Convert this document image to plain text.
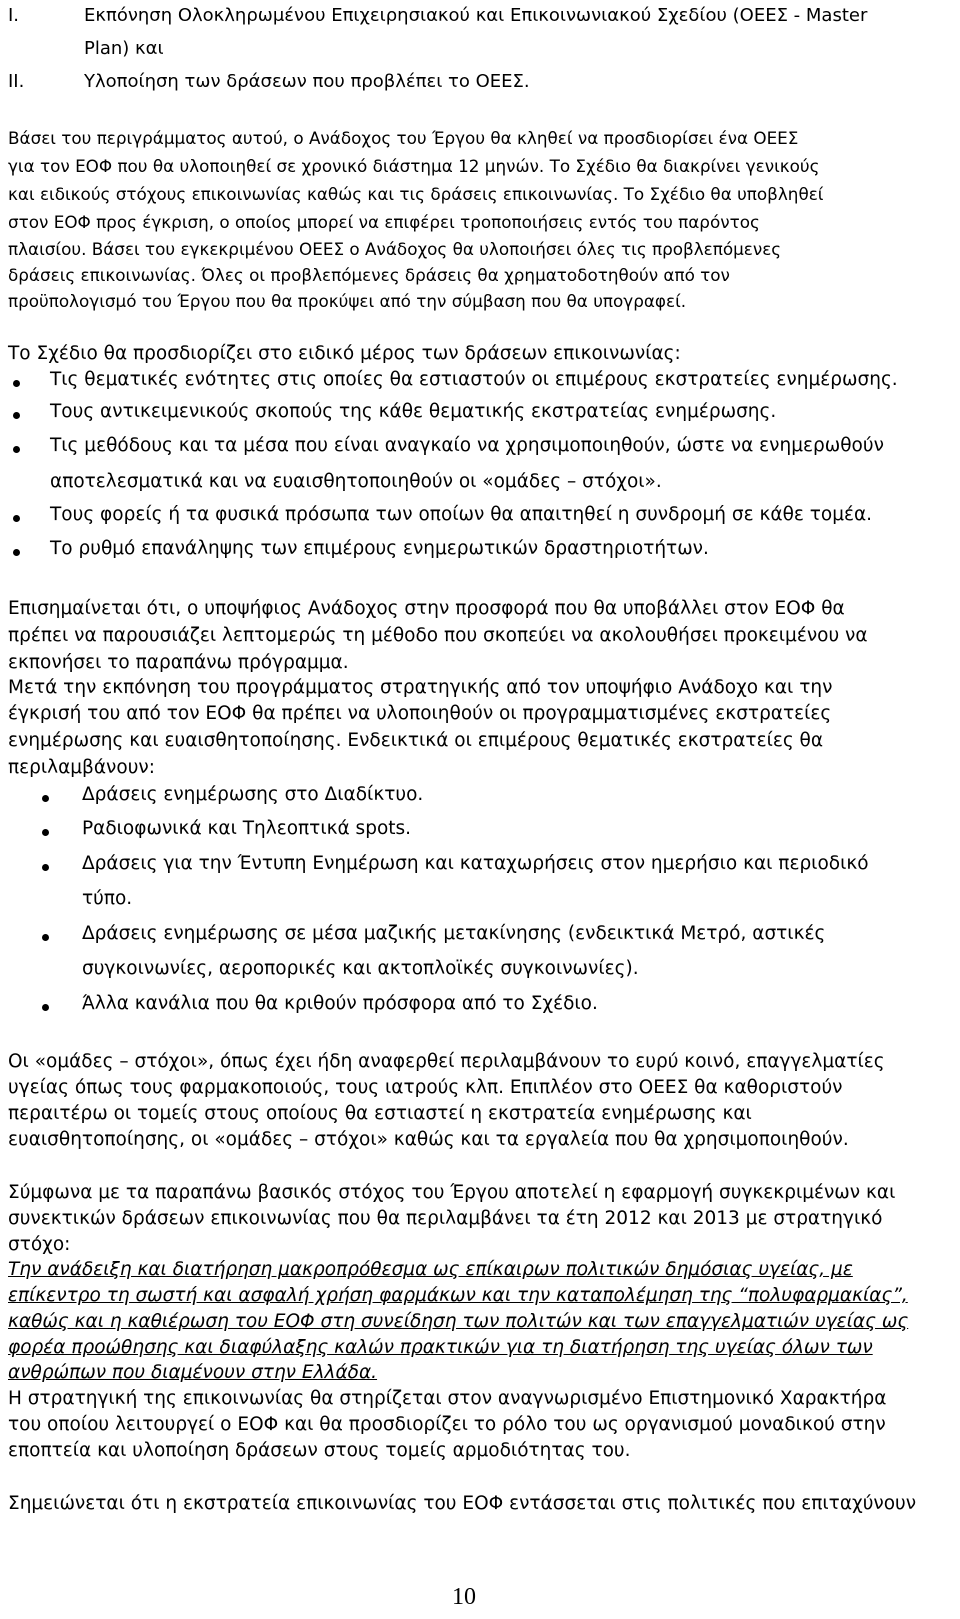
I.	Εκπόνηση Ολοκληρωμένου Επιχειρησιακού και Επικοινωνιακού Σχεδίου (ΟΕΕΣ - Master

Plan) και

II.	Υλοποίηση των δράσεων που προβλέπει το ΟΕΕΣ.

Βάσει του περιγράμματος αυτού, ο Ανάδοχος του Έργου θα κληθεί να προσδιορίσει ένα ΟΕΕΣ

για τον ΕΟΦ που θα υλοποιηθεί σε χρονικό διάστημα 12 μηνών. Το Σχέδιο θα διακρίνει γενικούς

και ειδικούς στόχους επικοινωνίας καθώς και τις δράσεις επικοινωνίας. Το Σχέδιο θα υποβληθεί

στον ΕΟΦ προς έγκριση, ο οποίος μπορεί να επιφέρει τροποποιήσεις εντός του παρόντος

πλαισίου. Βάσει του εγκεκριμένου ΟΕΕΣ ο Ανάδοχος θα υλοποιήσει όλες τις προβλεπόμενες

δράσεις επικοινωνίας. Όλες οι προβλεπόμενες δράσεις θα χρηματοδοτηθούν από τον

προϋπολογισμό του Έργου που θα προκύψει από την σύμβαση που θα υπογραφεί.

Το Σχέδιο θα προσδιορίζει στο ειδικό μέρος των δράσεων επικοινωνίας:

Τις θεματικές ενότητες στις οποίες θα εστιαστούν οι επιμέρους εκστρατείες ενημέρωσης.

Τους αντικειμενικούς σκοπούς της κάθε θεματικής εκστρατείας ενημέρωσης.

Τις μεθόδους και τα μέσα που είναι αναγκαίο να χρησιμοποιηθούν, ώστε να ενημερωθούν

αποτελεσματικά και να ευαισθητοποιηθούν οι «ομάδες – στόχοι».

Τους φορείς ή τα φυσικά πρόσωπα των οποίων θα απαιτηθεί η συνδρομή σε κάθε τομέα.

Το ρυθμό επανάληψης των επιμέρους ενημερωτικών δραστηριοτήτων.

Επισημαίνεται ότι, ο υποψήφιος Ανάδοχος στην προσφορά που θα υποβάλλει στον ΕΟΦ θα

πρέπει να παρουσιάζει λεπτομερώς τη μέθοδο που σκοπεύει να ακολουθήσει προκειμένου να

εκπονήσει το παραπάνω πρόγραμμα.

Μετά την εκπόνηση του προγράμματος στρατηγικής από τον υποψήφιο Ανάδοχο και την

έγκρισή του από τον ΕΟΦ θα πρέπει να υλοποιηθούν οι προγραμματισμένες εκστρατείες

ενημέρωσης και ευαισθητοποίησης. Ενδεικτικά οι επιμέρους θεματικές εκστρατείες θα

περιλαμβάνουν:

Δράσεις ενημέρωσης στο Διαδίκτυο.

Ραδιοφωνικά και Τηλεοπτικά spots.

Δράσεις για την Έντυπη Ενημέρωση και καταχωρήσεις στον ημερήσιο και περιοδικό

τύπο.

Δράσεις ενημέρωσης σε μέσα μαζικής μετακίνησης (ενδεικτικά Μετρό, αστικές

συγκοινωνίες, αεροπορικές και ακτοπλοϊκές συγκοινωνίες).

Άλλα κανάλια που θα κριθούν πρόσφορα από το Σχέδιο.

Οι «ομάδες – στόχοι», όπως έχει ήδη αναφερθεί περιλαμβάνουν το ευρύ κοινό, επαγγελματίες

υγείας όπως τους φαρμακοποιούς, τους ιατρούς κλπ. Επιπλέον στο ΟΕΕΣ θα καθοριστούν

περαιτέρω οι τομείς στους οποίους θα εστιαστεί η εκστρατεία ενημέρωσης και

ευαισθητοποίησης, οι «ομάδες – στόχοι» καθώς και τα εργαλεία που θα χρησιμοποιηθούν.

Σύμφωνα με τα παραπάνω βασικός στόχος του Έργου αποτελεί η εφαρμογή συγκεκριμένων και

συνεκτικών δράσεων επικοινωνίας που θα περιλαμβάνει τα έτη 2012 και 2013 με στρατηγικό

στόχο:

Την ανάδειξη και διατήρηση μακροπρόθεσμα ως επίκαιρων πολιτικών δημόσιας υγείας, με

επίκεντρο τη σωστή και ασφαλή χρήση φαρμάκων και την καταπολέμηση της “πολυφαρμακίας”,

καθώς και η καθιέρωση του ΕΟΦ στη συνείδηση των πολιτών και των επαγγελματιών υγείας ως

φορέα προώθησης και διαφύλαξης καλών πρακτικών για τη διατήρηση της υγείας όλων των

ανθρώπων που διαμένουν στην Ελλάδα.

Η στρατηγική της επικοινωνίας θα στηρίζεται στον αναγνωρισμένο Επιστημονικό Χαρακτήρα

του οποίου λειτουργεί ο ΕΟΦ και θα προσδιορίζει το ρόλο του ως οργανισμού μοναδικού στην

εποπτεία και υλοποίηση δράσεων στους τομείς αρμοδιότητας του.

Σημειώνεται ότι η εκστρατεία επικοινωνίας του ΕΟΦ εντάσσεται στις πολιτικές που επιταχύνουν

10
